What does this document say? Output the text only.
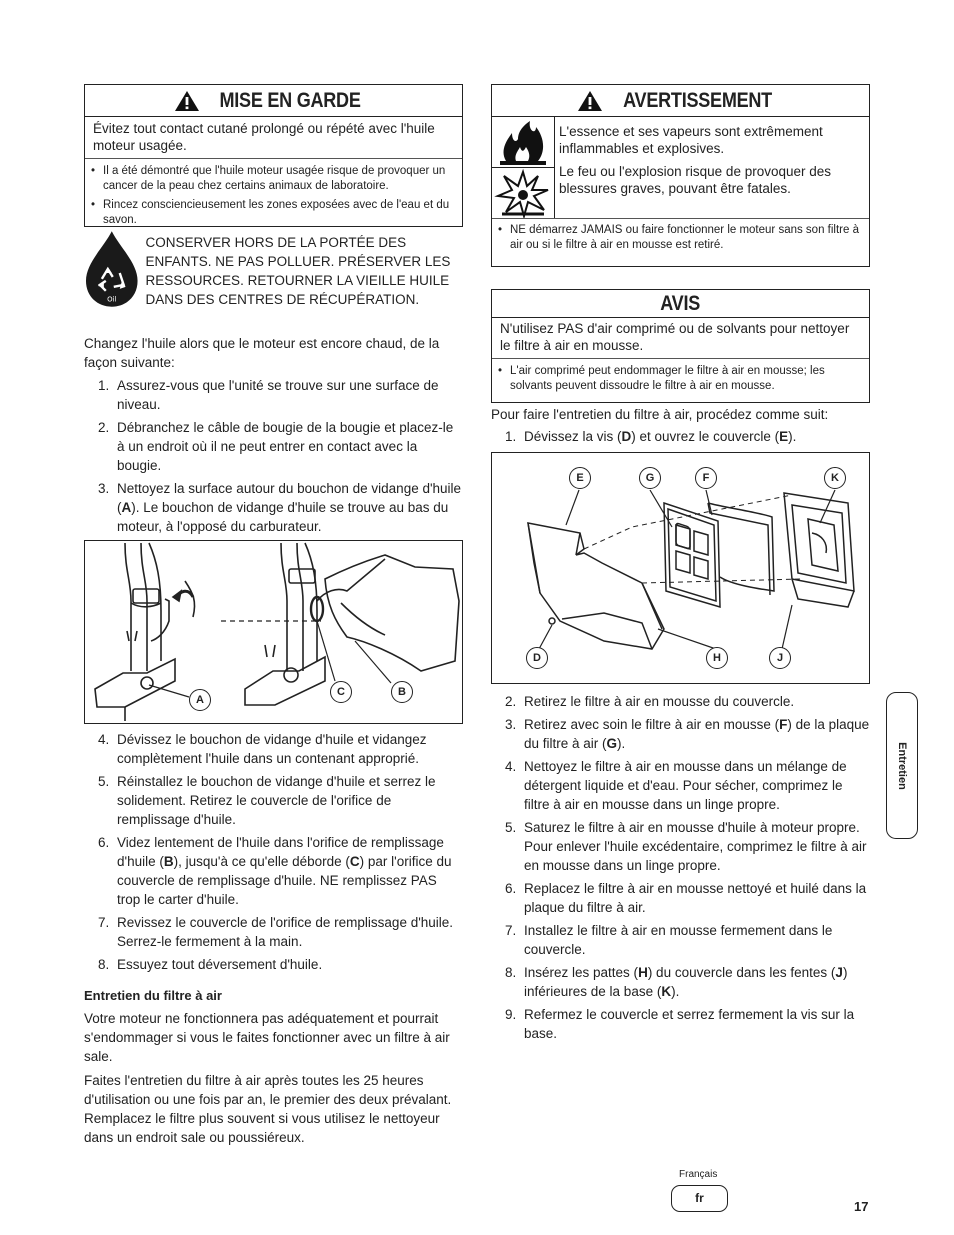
MISE EN GARDE
Évitez tout contact cutané prolongé ou répété avec l'huile moteur usagée.
• Il a été démontré que l'huile moteur usagée risque de provoquer un cancer de la peau chez certains animaux de laboratoire.
• Rincez consciencieusement les zones exposées avec de l'eau et du savon.
Oil
CONSERVER HORS DE LA PORTÉE DES ENFANTS. NE PAS POLLUER. PRÉSERVER LES RESSOURCES. RETOURNER LA VIEILLE HUILE DANS DES CENTRES DE RÉCUPÉRATION.

Changez l'huile alors que le moteur est encore chaud, de la façon suivante:

1. Assurez-vous que l'unité se trouve sur une surface de niveau.
2. Débranchez le câble de bougie de la bougie et placez-le à un endroit où il ne peut entrer en contact avec la bougie.
3. Nettoyez la surface autour du bouchon de vidange d'huile (A). Le bouchon de vidange d'huile se trouve au bas du moteur, à l'opposé du carburateur.
A
C	B
4. Dévissez le bouchon de vidange d'huile et vidangez complètement l'huile dans un contenant approprié.
5. Réinstallez le bouchon de vidange d'huile et serrez le solidement. Retirez le couvercle de l'orifice de remplissage d'huile.
6. Videz lentement de l'huile dans l'orifice de remplissage d'huile (B), jusqu'à ce qu'elle déborde (C) par l'orifice du couvercle de remplissage d'huile. NE remplissez PAS trop le carter d'huile.
7. Revissez le couvercle de l'orifice de remplissage d'huile. Serrez-le fermement à la main.
8. Essuyez tout déversement d'huile.
Entretien du filtre à air

Votre moteur ne fonctionnera pas adéquatement et pourrait s'endommager si vous le faites fonctionner avec un filtre à air sale.

Faites l'entretien du filtre à air après toutes les 25 heures d'utilisation ou une fois par an, le premier des deux prévalant. Remplacez le filtre plus souvent si vous utilisez le nettoyeur dans un endroit sale ou poussiéreux.

AVERTISSEMENT
L'essence et ses vapeurs sont extrêmement inflammables et explosives.
Le feu ou l'explosion risque de provoquer des blessures graves, pouvant être fatales.
• NE démarrez JAMAIS ou faire fonctionner le moteur sans son filtre à air ou si le filtre à air en mousse est retiré.
AVIS
N'utilisez PAS d'air comprimé ou de solvants pour nettoyer le filtre à air en mousse.
• L'air comprimé peut endommager le filtre à air en mousse; les solvants peuvent dissoudre le filtre à air en mousse.

Pour faire l'entretien du filtre à air, procédez comme suit:

1. Dévissez la vis (D) et ouvrez le couvercle (E).
E	G	F	K
D	H	J
2. Retirez le filtre à air en mousse du couvercle.
3. Retirez avec soin le filtre à air en mousse (F) de la plaque du filtre à air (G).
4. Nettoyez le filtre à air en mousse dans un mélange de détergent liquide et d'eau. Pour sécher, comprimez le filtre à air en mousse dans un linge propre.
5. Saturez le filtre à air en mousse d'huile à moteur propre. Pour enlever l'huile excédentaire, comprimez le filtre à air en mousse dans un linge propre.
6. Replacez le filtre à air en mousse nettoyé et huilé dans la plaque du filtre à air.
7. Installez le filtre à air en mousse fermement dans le couvercle.
8. Insérez les pattes (H) du couvercle dans les fentes (J) inférieures de la base (K).
9. Refermez le couvercle et serrez fermement la vis sur la base.
Entretien
Français
fr
17
